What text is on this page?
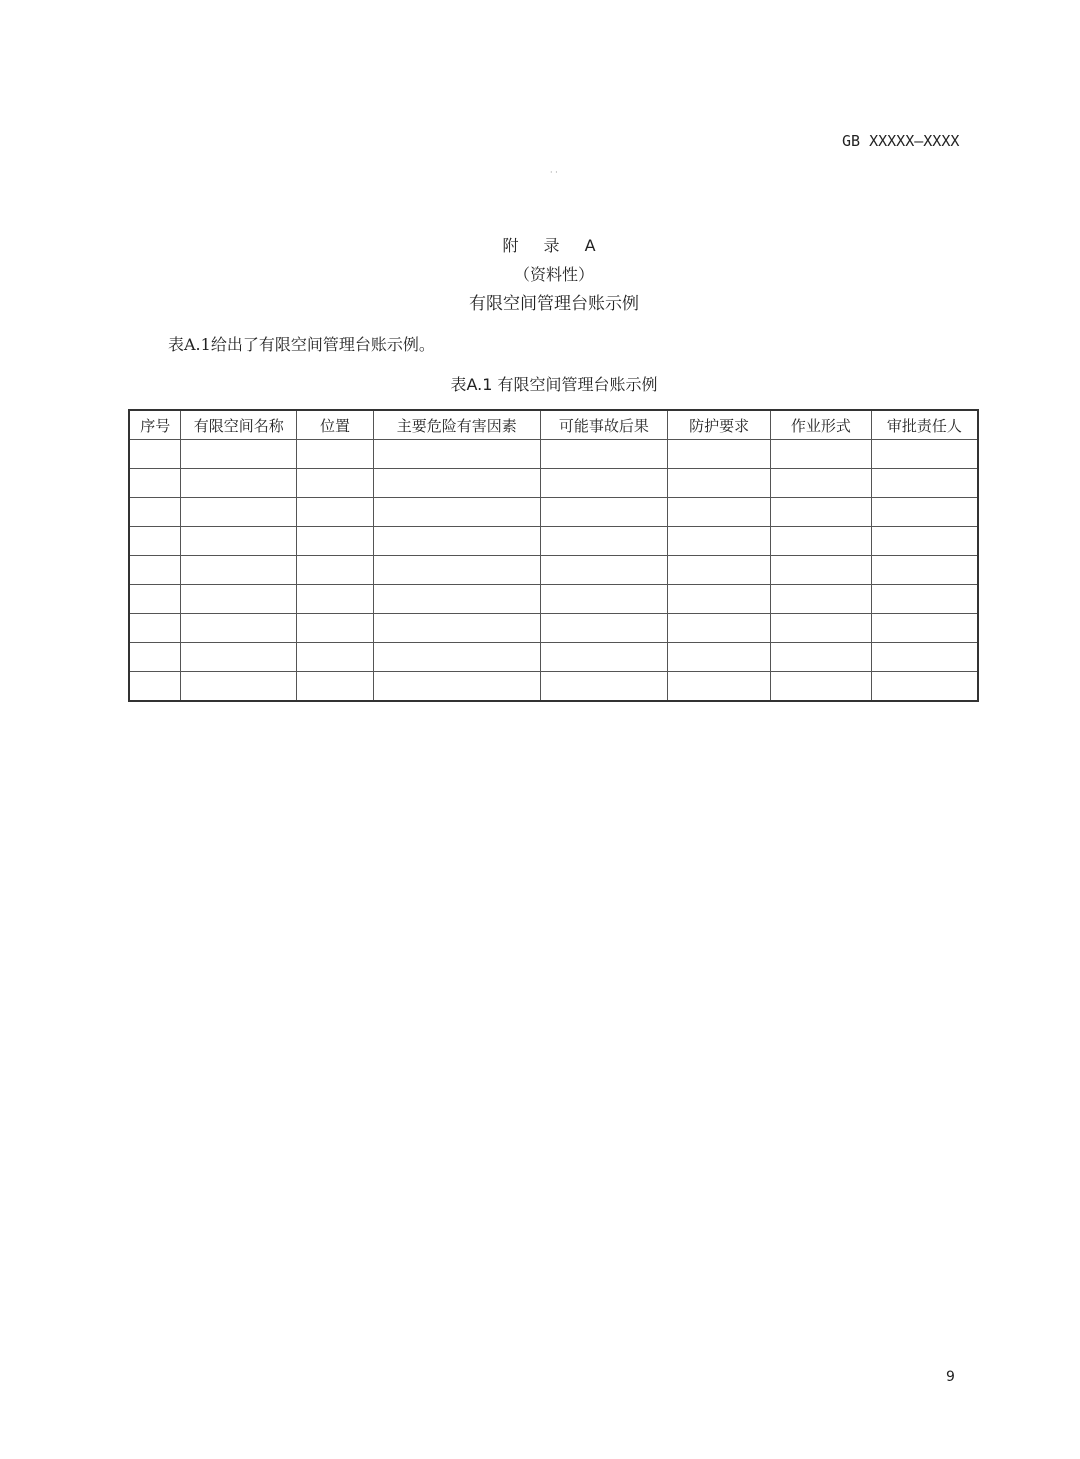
GB XXXXX—XXXX
· ·
附 录 A
（资料性）
有限空间管理台账示例
表A.1给出了有限空间管理台账示例。
表A.1 有限空间管理台账示例
序号	有限空间名称	位置	主要危险有害因素	可能事故后果	防护要求	作业形式	审批责任人

9
